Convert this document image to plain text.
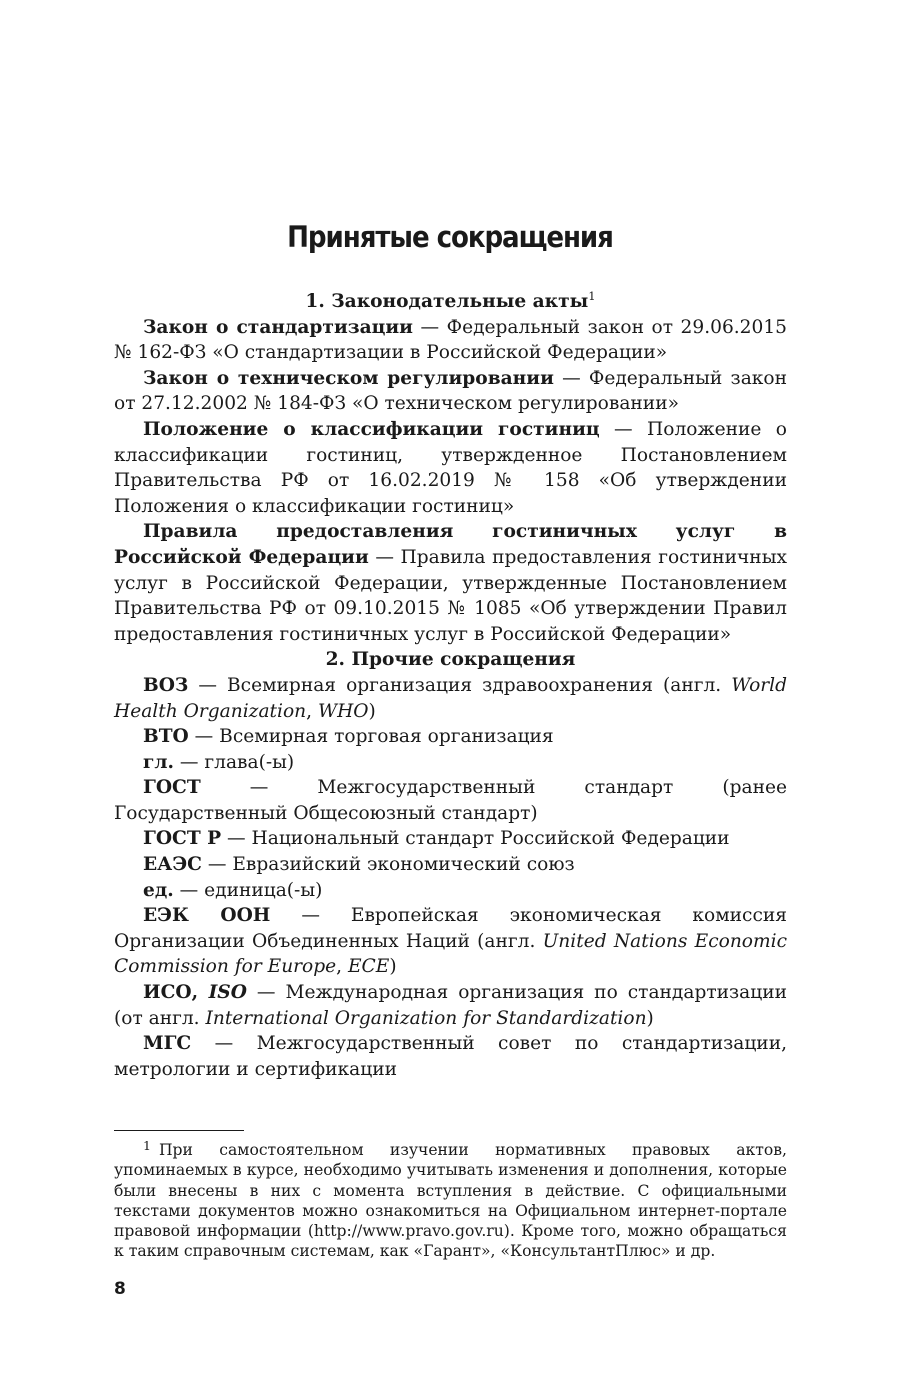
Принятые сокращения

1. Законодательные акты$^1$

Закон о стандартизации — Федеральный закон от 29.06.2015 № 162-ФЗ «О стандартизации в Российской Федерации»

Закон о техническом регулировании — Федеральный закон от 27.12.2002 № 184-ФЗ «О техническом регулировании»

Положение о классификации гостиниц — Положение о классификации гостиниц, утвержденное Постановлением Правительства РФ от 16.02.2019 № 158 «Об утверждении Положения о классификации гостиниц»

Правила предоставления гостиничных услуг в Российской Федерации — Правила предоставления гостиничных услуг в Российской Федерации, утвержденные Постановлением Правительства РФ от 09.10.2015 № 1085 «Об утверждении Правил предоставления гостиничных услуг в Российской Федерации»

2. Прочие сокращения

ВОЗ — Всемирная организация здравоохранения (англ. World Health Organization, WHO)

ВТО — Всемирная торговая организация

гл. — глава(-ы)

ГОСТ — Межгосударственный стандарт (ранее Государственный Общесоюзный стандарт)

ГОСТ Р — Национальный стандарт Российской Федерации

ЕАЭС — Евразийский экономический союз

ед. — единица(-ы)

ЕЭК ООН — Европейская экономическая комиссия Организации Объединенных Наций (англ. United Nations Economic Commission for Europe, ECE)

ИСО, ISO — Международная организация по стандартизации (от англ. International Organization for Standardization)

МГС — Межгосударственный совет по стандартизации, метрологии и сертификации

$^1$ При самостоятельном изучении нормативных правовых актов, упоминаемых в курсе, необходимо учитывать изменения и дополнения, которые были внесены в них с момента вступления в действие. С официальными текстами документов можно ознакомиться на Официальном интернет-портале правовой информации (http://www.pravo.gov.ru). Кроме того, можно обращаться к таким справочным системам, как «Гарант», «КонсультантПлюс» и др.

8
